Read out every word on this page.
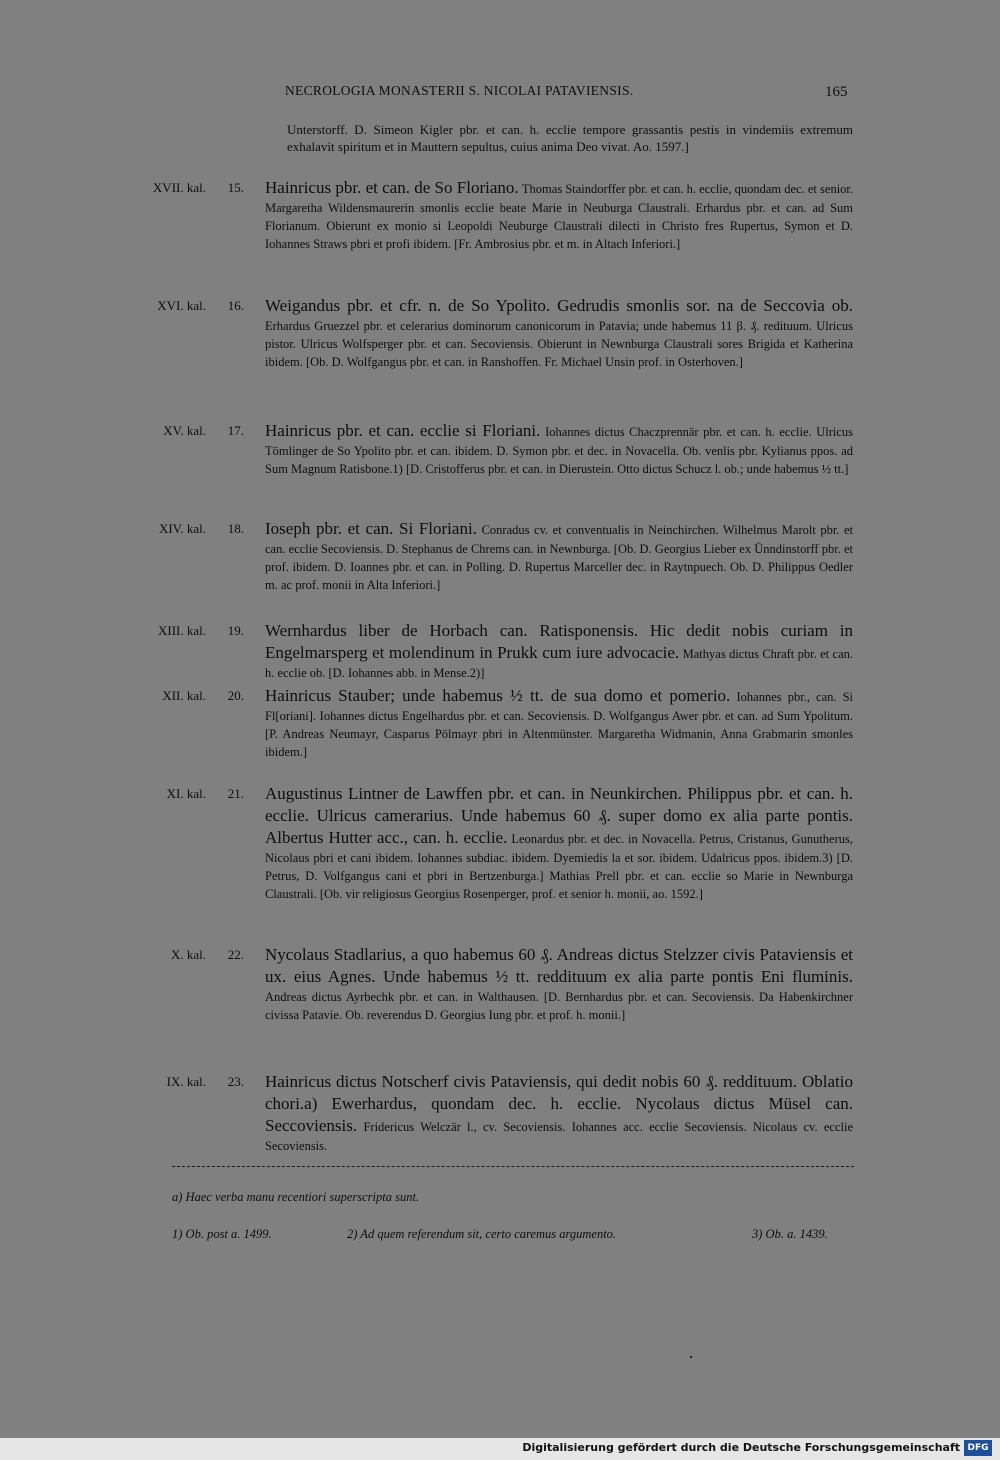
NECROLOGIA MONASTERII S. NICOLAI PATAVIENSIS.	165
Unterstorff. D. Simeon Kigler pbr. et can. h. ecclie tempore grassantis pestis in vindemiis extremum exhalavit spiritum et in Mauttern sepultus, cuius anima Deo vivat. Ao. 1597.]
XVII. kal.	15. Hainricus pbr. et can. de So Floriano. Thomas Staindorffer pbr. et can. h. ecclie, quondam dec. et senior. Margaretha Wildensmaurerin smonlis ecclie beate Marie in Neuburga Claustrali. Erhardus pbr. et can. ad Sum Florianum. Obierunt ex monio si Leopoldi Neuburge Claustrali dilecti in Christo fres Rupertus, Symon et D. Iohannes Straws pbri et profi ibidem. [Fr. Ambrosius pbr. et m. in Altach Inferiori.]
XVI. kal.	16. Weigandus pbr. et cfr. n. de So Ypolito. Gedrudis smonlis sor. na de Seccovia ob. Erhardus Gruezzel pbr. et celerarius dominorum canonicorum in Patavia; unde habemus 11 β. ₰. redituum. Ulricus pistor. Ulricus Wolfsperger pbr. et can. Secoviensis. Obierunt in Newnburga Claustrali sores Brigida et Katherina ibidem. [Ob. D. Wolfgangus pbr. et can. in Ranshoffen. Fr. Michael Unsin prof. in Osterhoven.]
XV. kal.	17. Hainricus pbr. et can. ecclie si Floriani. Iohannes dictus Chaczprennär pbr. et can. h. ecclie. Ulricus Tömlinger de So Ypolito pbr. et can. ibidem. D. Symon pbr. et dec. in Novacella. Ob. venlis pbr. Kylianus ppos. ad Sum Magnum Ratisbone.1) [D. Cristofferus pbr. et can. in Dierustein. Otto dictus Schucz l. ob.; unde habemus ½ tt.]
XIV. kal.	18. Ioseph pbr. et can. Si Floriani. Conradus cv. et conventualis in Neinchirchen. Wilhelmus Marolt pbr. et can. ecclie Secoviensis. D. Stephanus de Chrems can. in Newnburga. [Ob. D. Georgius Lieber ex Ünndinstorff pbr. et prof. ibidem. D. Ioannes pbr. et can. in Polling. D. Rupertus Marceller dec. in Raytnpuech. Ob. D. Philippus Oedler m. ac prof. monii in Alta Inferiori.]
XIII. kal.	19. Wernhardus liber de Horbach can. Ratisponensis. Hic dedit nobis curiam in Engelmarsperg et molendinum in Prukk cum iure advocacie. Mathyas dictus Chraft pbr. et can. h. ecclie ob. [D. Iohannes abb. in Mense.2)]
XII. kal.	20. Hainricus Stauber; unde habemus ½ tt. de sua domo et pomerio. Iohannes pbr., can. Si Fl[oriani]. Iohannes dictus Engelhardus pbr. et can. Secoviensis. D. Wolfgangus Awer pbr. et can. ad Sum Ypolitum. [P. Andreas Neumayr, Casparus Pölmayr pbri in Altenmünster. Margaretha Widmanin, Anna Grabmarin smonles ibidem.]
XI. kal.	21. Augustinus Lintner de Lawffen pbr. et can. in Neunkirchen. Philippus pbr. et can. h. ecclie. Ulricus camerarius. Unde habemus 60 ₰. super domo ex alia parte pontis. Albertus Hutter acc., can. h. ecclie. Leonardus pbr. et dec. in Novacella. Petrus, Cristanus, Gunutherus, Nicolaus pbri et cani ibidem. Iohannes subdiac. ibidem. Dyemiedis la et sor. ibidem. Udalricus ppos. ibidem.3) [D. Petrus, D. Volfgangus cani et pbri in Bertzenburga.] Mathias Prell pbr. et can. ecclie so Marie in Newnburga Claustrali. [Ob. vir religiosus Georgius Rosenperger, prof. et senior h. monii, ao. 1592.]
X. kal.	22. Nycolaus Stadlarius, a quo habemus 60 ₰. Andreas dictus Stelzzer civis Pataviensis et ux. eius Agnes. Unde habemus ½ tt. reddituum ex alia parte pontis Eni fluminis. Andreas dictus Ayrbechk pbr. et can. in Walthausen. [D. Bernhardus pbr. et can. Secoviensis. Da Habenkirchner civissa Patavie. Ob. reverendus D. Georgius Iung pbr. et prof. h. monii.]
IX. kal.	23. Hainricus dictus Notscherf civis Pataviensis, qui dedit nobis 60 ₰. reddituum. Oblatio chori.a) Ewerhardus, quondam dec. h. ecclie. Nycolaus dictus Müsel can. Seccoviensis. Fridericus Welczär l., cv. Secoviensis. Iohannes acc. ecclie Secoviensis. Nicolaus cv. ecclie Secoviensis.
a) Haec verba manu recentiori superscripta sunt.
1) Ob. post a. 1499.	2) Ad quem referendum sit, certo caremus argumento.	3) Ob. a. 1439.
Digitalisierung gefördert durch die Deutsche Forschungsgemeinschaft DFG
